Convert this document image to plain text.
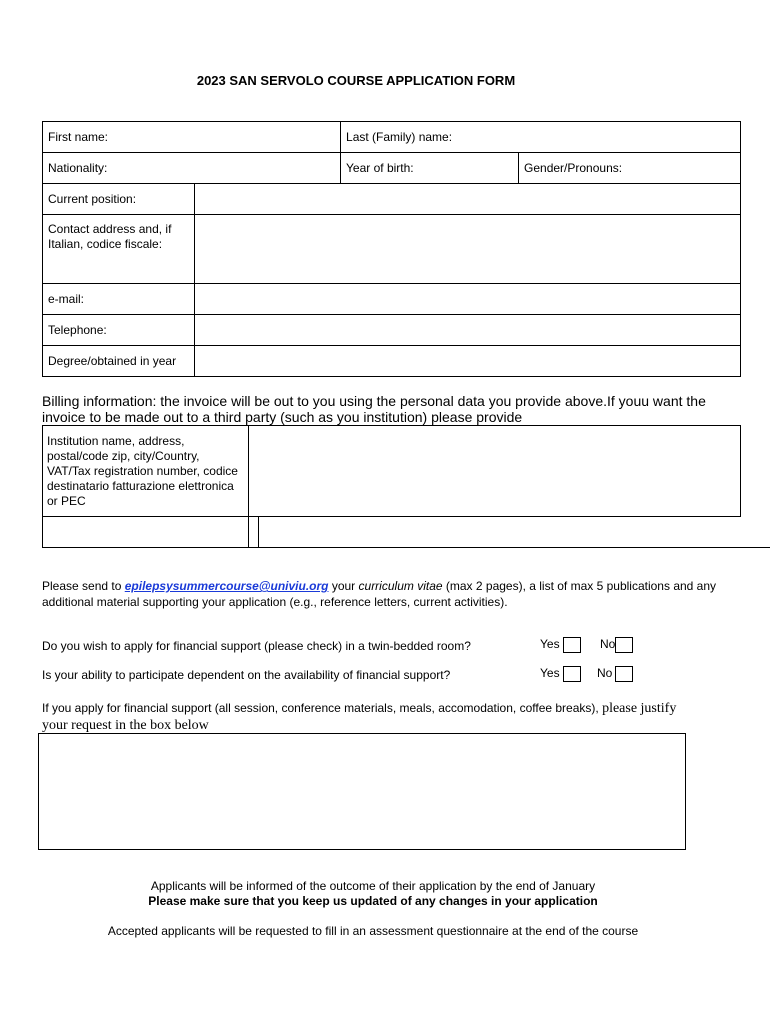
2023 SAN SERVOLO COURSE APPLICATION FORM
First name:		Last (Family) name:	
Nationality:		Year of birth:	Gender/Pronouns:
Current position:			
Contact address and, if Italian, codice fiscale:			
e-mail:			
Telephone:			
Degree/obtained in year			
Billing information: the invoice will be out to you using the personal data you provide above.If youu want the invoice to be made out to a third party (such as you institution) please provide
Institution name, address, postal/code zip, city/Country, VAT/Tax registration number, codice destinatario fatturazione elettronica or PEC
Please send to epilepsysummercourse@univiu.org your curriculum vitae (max 2 pages), a list of max 5 publications and any additional material supporting your application (e.g., reference letters, current activities).
Do you wish to apply for financial support (please check) in a twin-bedded room?	Yes	No
Is your ability to participate dependent on the availability of financial support?	Yes	No
If you apply for financial support (all session, conference materials, meals, accomodation, coffee breaks), please justify your request in the box below
Applicants will be informed of the outcome of their application by the end of January
Please make sure that you keep us updated of any changes in your application
Accepted applicants will be requested to fill in an assessment questionnaire at the end of the course
